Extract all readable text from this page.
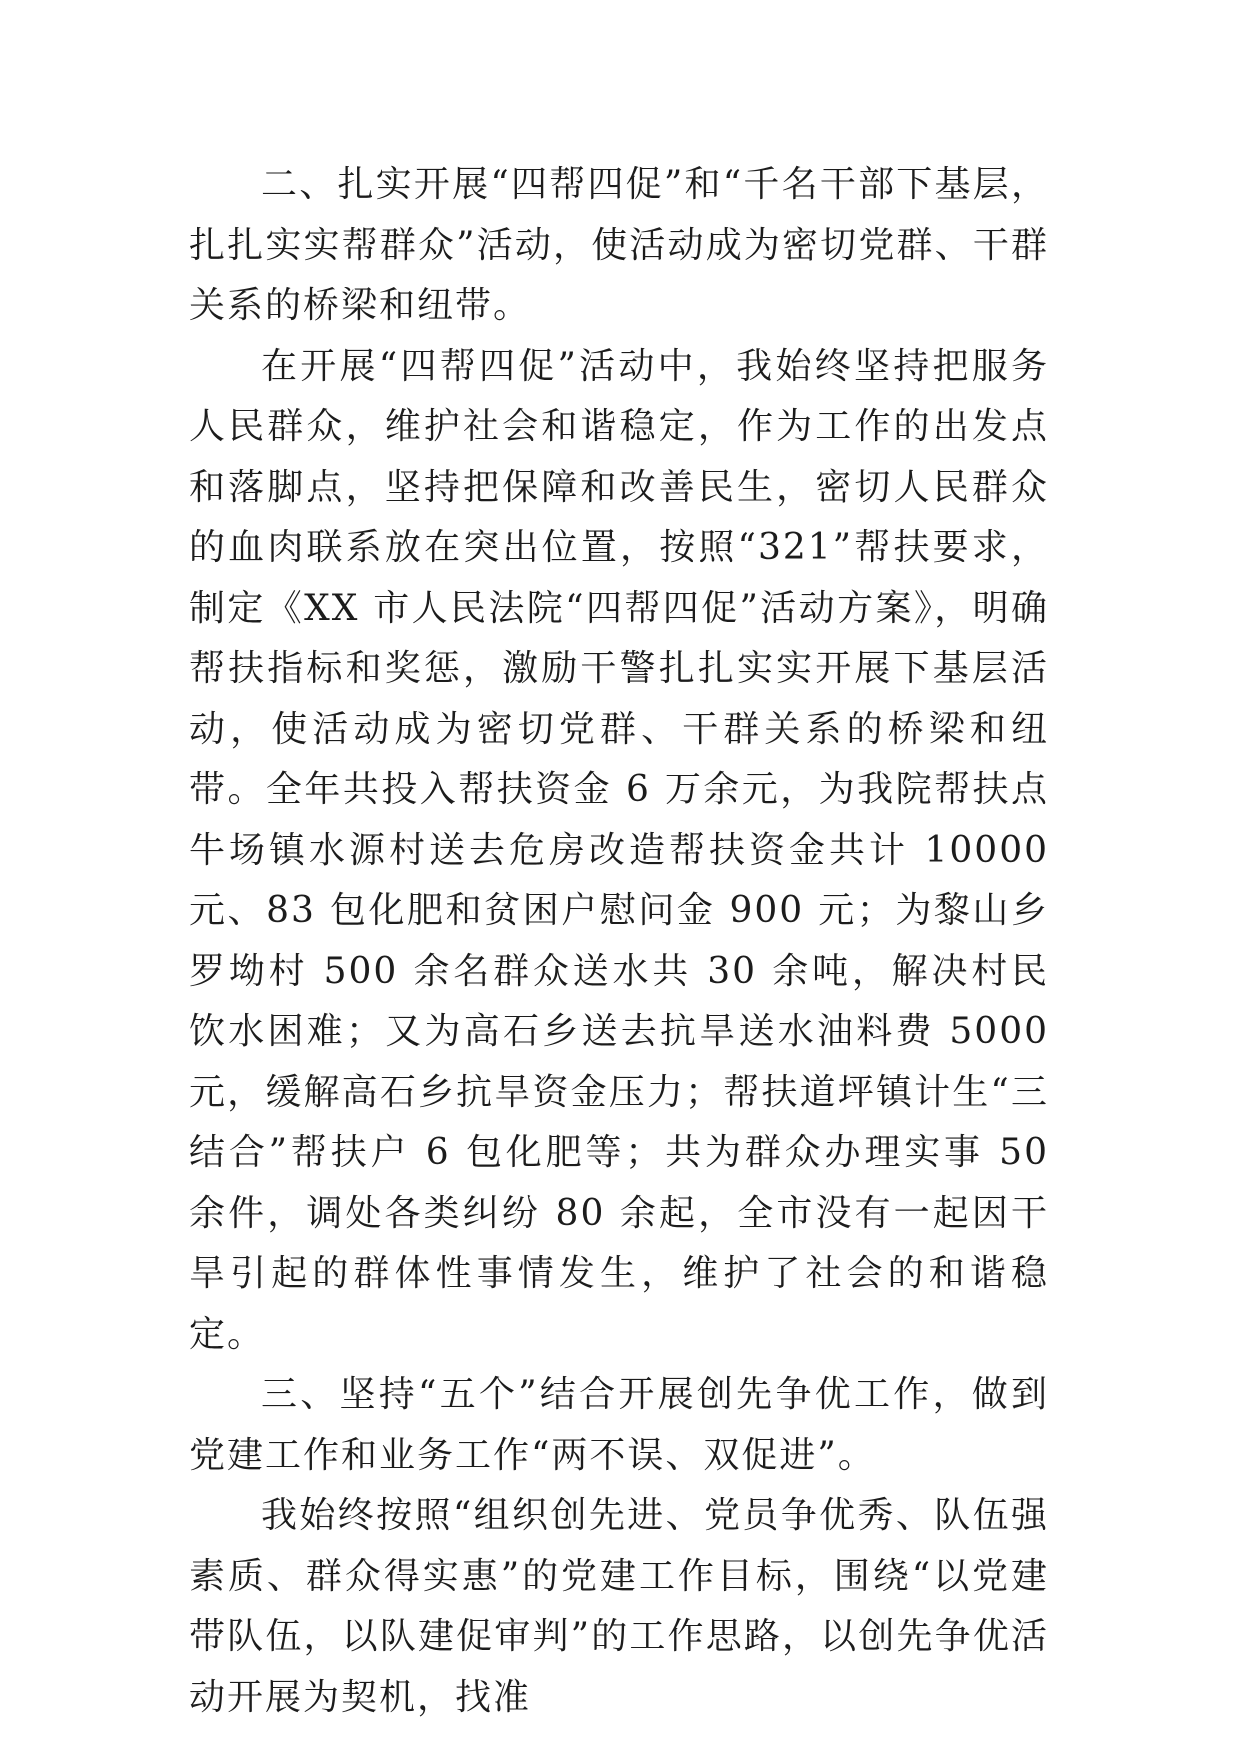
二、扎实开展“四帮四促”和“千名干部下基层，扎扎实实帮群众”活动，使活动成为密切党群、干群关系的桥梁和纽带。

在开展“四帮四促”活动中，我始终坚持把服务人民群众，维护社会和谐稳定，作为工作的出发点和落脚点，坚持把保障和改善民生，密切人民群众的血肉联系放在突出位置，按照“321”帮扶要求，制定《XX 市人民法院“四帮四促”活动方案》，明确帮扶指标和奖惩，激励干警扎扎实实开展下基层活动，使活动成为密切党群、干群关系的桥梁和纽带。全年共投入帮扶资金 6 万余元，为我院帮扶点牛场镇水源村送去危房改造帮扶资金共计 10000 元、83 包化肥和贫困户慰问金 900 元；为黎山乡罗坳村 500 余名群众送水共 30 余吨，解决村民饮水困难；又为高石乡送去抗旱送水油料费 5000 元，缓解高石乡抗旱资金压力；帮扶道坪镇计生“三结合”帮扶户 6 包化肥等；共为群众办理实事 50 余件，调处各类纠纷 80 余起，全市没有一起因干旱引起的群体性事情发生，维护了社会的和谐稳定。

三、坚持“五个”结合开展创先争优工作，做到党建工作和业务工作“两不误、双促进”。

我始终按照“组织创先进、党员争优秀、队伍强素质、群众得实惠”的党建工作目标，围绕“以党建带队伍，以队建促审判”的工作思路，以创先争优活动开展为契机，找准
